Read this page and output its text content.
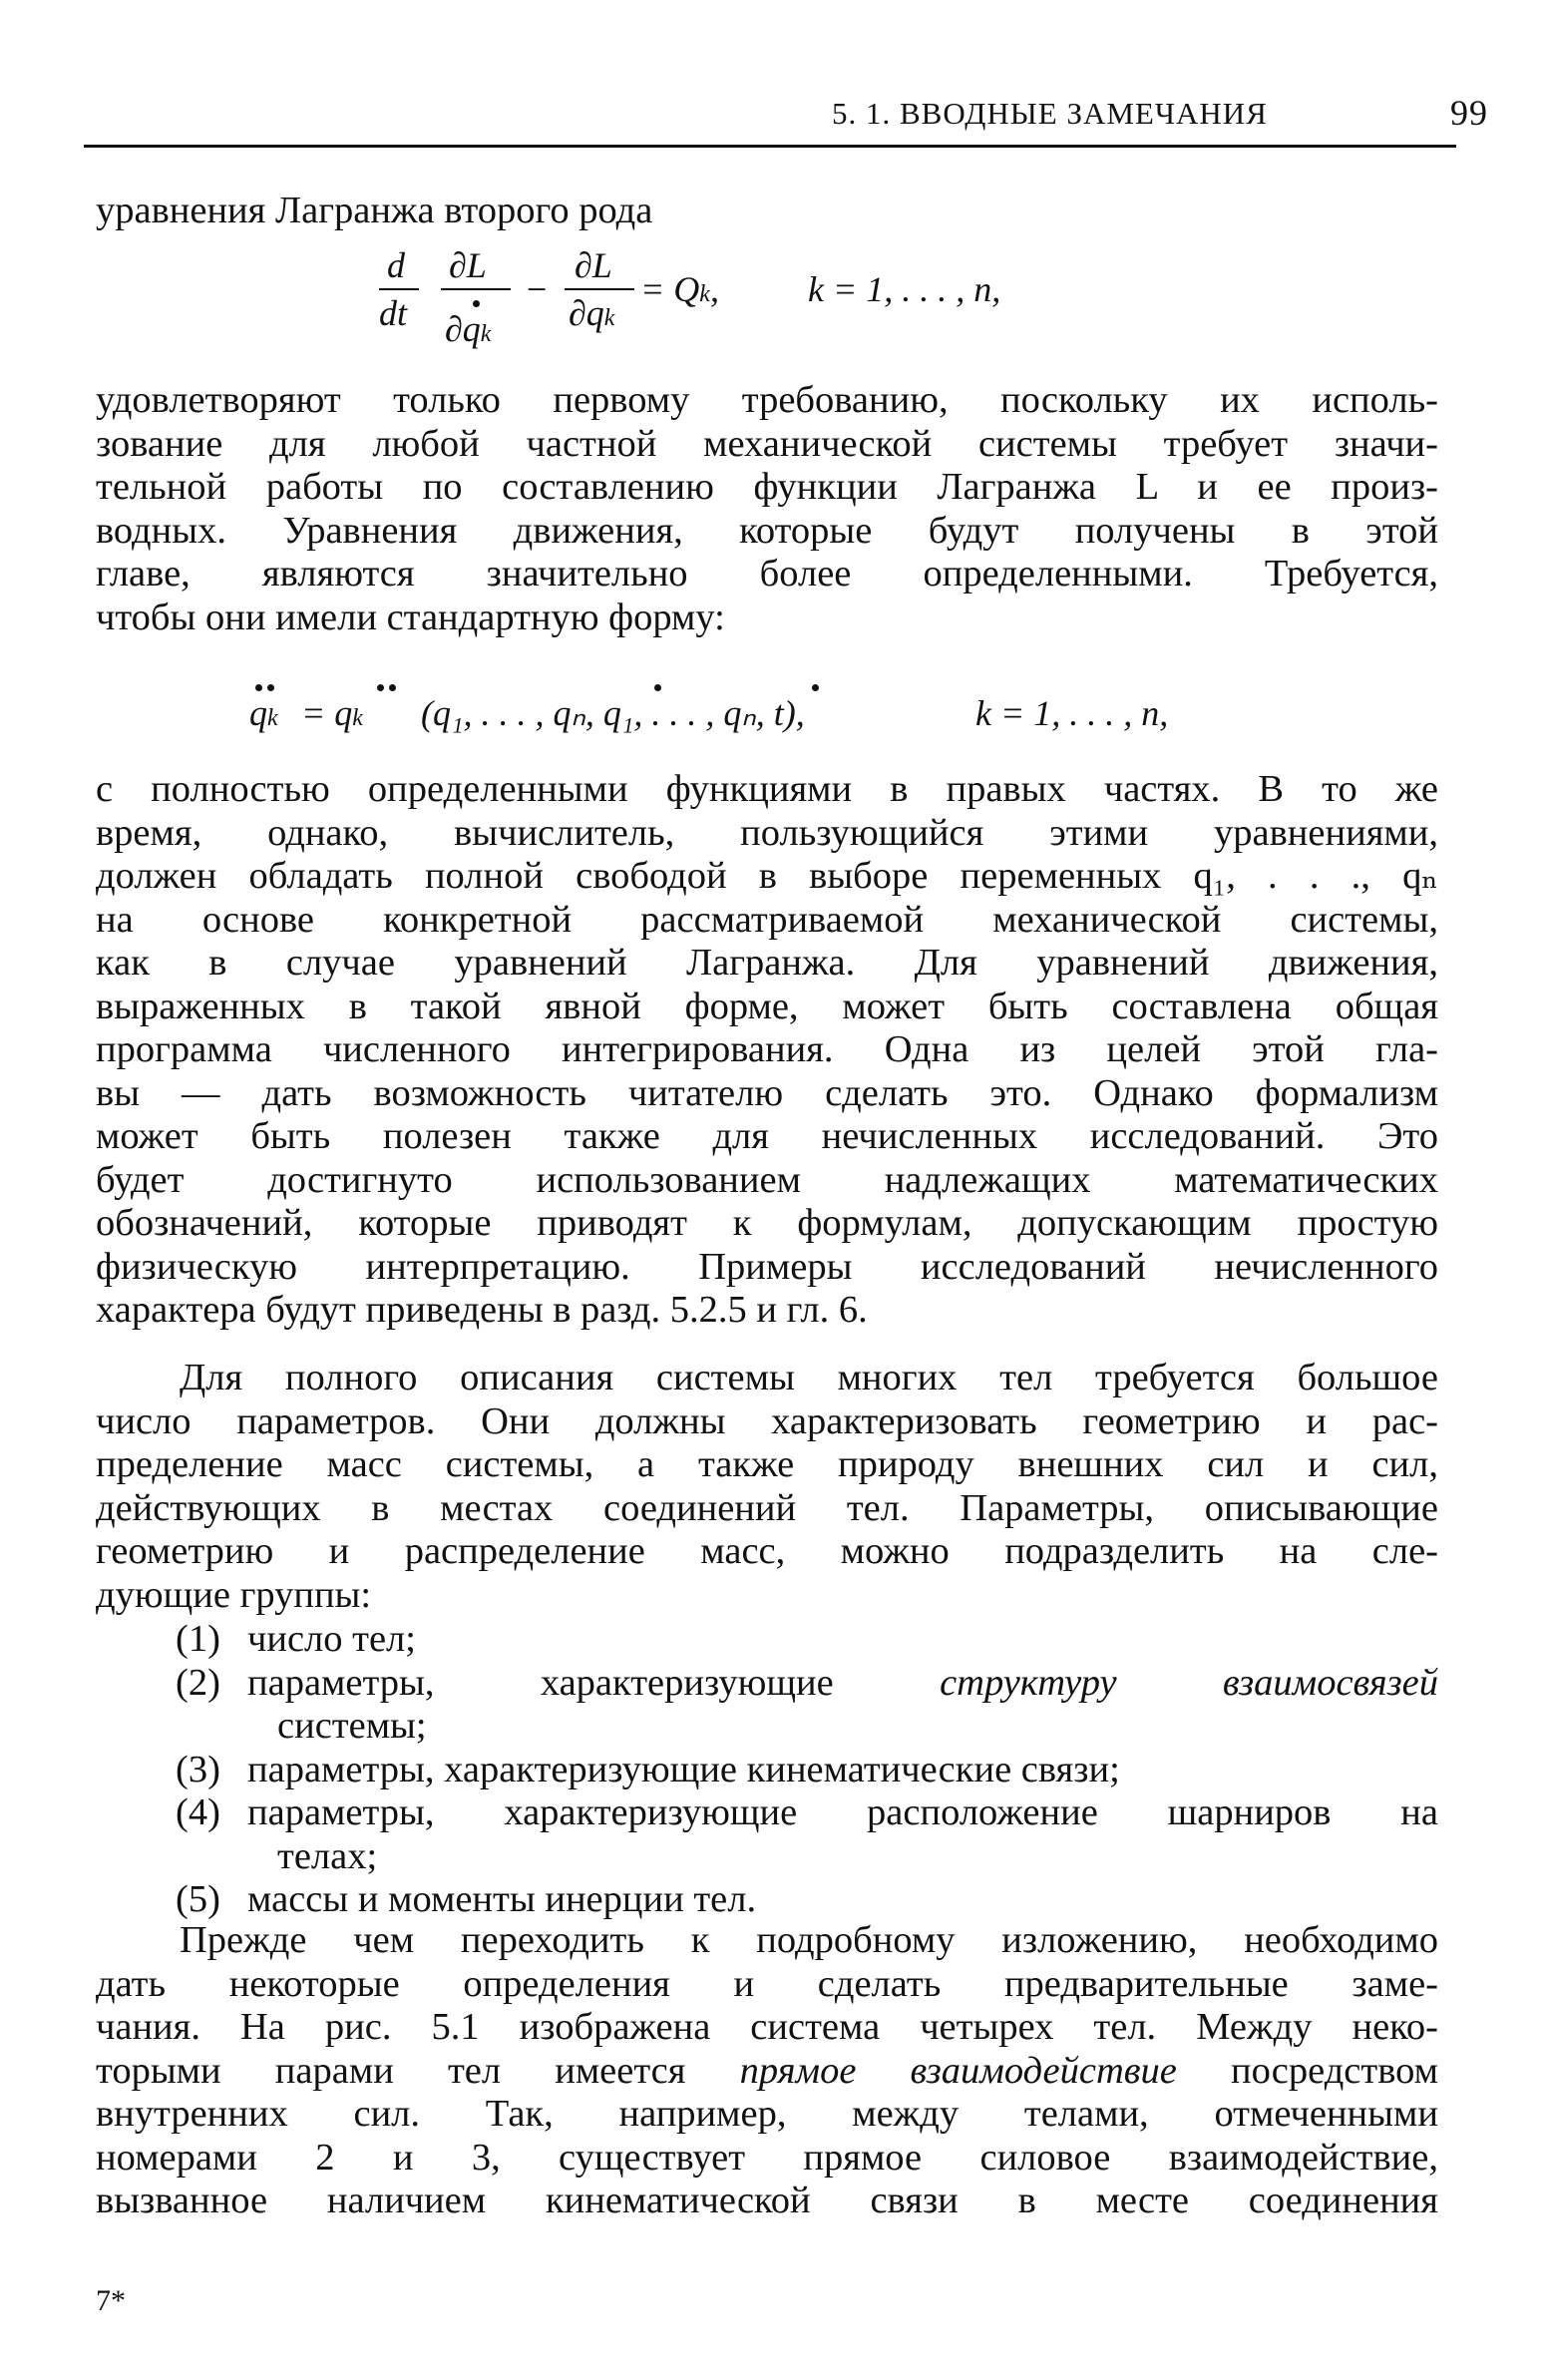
5. 1. ВВОДНЫЕ ЗАМЕЧАНИЯ	99
уравнения Лагранжа второго рода
d
dt
∂L
∂qk
−
∂L
∂qk
= Qk, k = 1, . . . , n,
удовлетворяют только первому требованию, поскольку их исполь-
зование для любой частной механической системы требует значи-
тельной работы по составлению функции Лагранжа L и ее произ-
водных. Уравнения движения, которые будут получены в этой
главе, являются значительно более определенными. Требуется,
чтобы они имели стандартную форму:
qk = qk (q₁, . . . , qₙ, q₁, . . . , qₙ, t),	k = 1, . . . , n,
с полностью определенными функциями в правых частях. В то же
время, однако, вычислитель, пользующийся этими уравнениями,
должен обладать полной свободой в выборе переменных q₁, . . ., qₙ
на основе конкретной рассматриваемой механической системы,
как в случае уравнений Лагранжа. Для уравнений движения,
выраженных в такой явной форме, может быть составлена общая
программа численного интегрирования. Одна из целей этой гла-
вы — дать возможность читателю сделать это. Однако формализм
может быть полезен также для нечисленных исследований. Это
будет достигнуто использованием надлежащих математических
обозначений, которые приводят к формулам, допускающим простую
физическую интерпретацию. Примеры исследований нечисленного
характера будут приведены в разд. 5.2.5 и гл. 6.
Для полного описания системы многих тел требуется большое
число параметров. Они должны характеризовать геометрию и рас-
пределение масс системы, а также природу внешних сил и сил,
действующих в местах соединений тел. Параметры, описывающие
геометрию и распределение масс, можно подразделить на сле-
дующие группы:
(1) число тел;
(2) параметры, характеризующие структуру взаимосвязей
системы;
(3) параметры, характеризующие кинематические связи;
(4) параметры, характеризующие расположение шарниров на
телах;
(5) массы и моменты инерции тел.
Прежде чем переходить к подробному изложению, необходимо
дать некоторые определения и сделать предварительные заме-
чания. На рис. 5.1 изображена система четырех тел. Между неко-
торыми парами тел имеется прямое взаимодействие посредством
внутренних сил. Так, например, между телами, отмеченными
номерами 2 и 3, существует прямое силовое взаимодействие,
вызванное наличием кинематической связи в месте соединения
7*
